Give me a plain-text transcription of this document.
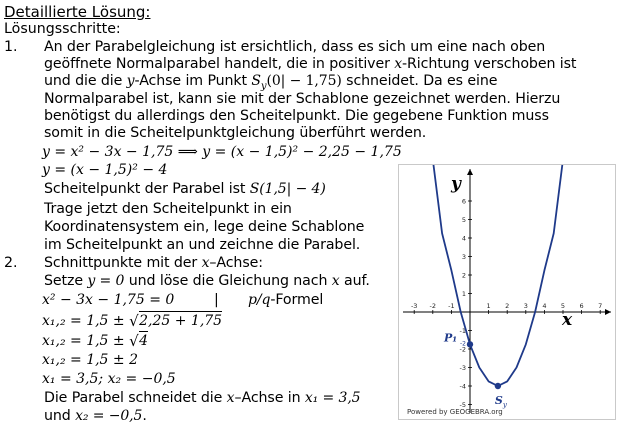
Detaillierte Lösung:
Lösungsschritte:
1. An der Parabelgleichung ist ersichtlich, dass es sich um eine nach oben
geöffnete Normalparabel handelt, die in positiver x-Richtung verschoben ist
und die die y-Achse im Punkt $S_y(0| - 1,75)$ schneidet. Da es eine
Normalparabel ist, kann sie mit der Schablone gezeichnet werden. Hierzu
benötigst du allerdings den Scheitelpunkt. Die gegebene Funktion muss
somit in die Scheitelpunktgleichung überführt werden.
y = x² − 3x − 1,75 ⟹ y = (x − 1,5)² − 2,25 − 1,75
y = (x − 1,5)² − 4
Scheitelpunkt der Parabel ist S(1,5| − 4)
Trage jetzt den Scheitelpunkt in ein
Koordinatensystem ein, lege deine Schablone
im Scheitelpunkt an und zeichne die Parabel.
2. Schnittpunkte mit der x–Achse:
Setze y = 0 und löse die Gleichung nach x auf.
x² − 3x − 1,75 = 0	| p/q-Formel
x₁,₂ = 1,5 ± √ 2,25 + 1,75
x₁,₂ = 1,5 ± √ 4
x₁,₂ = 1,5 ± 2
x₁ = 3,5; x₂ = −0,5
Die Parabel schneidet die x–Achse in x₁ = 3,5
und x₂ = −0,5.
-3 -2 -1	1 2 3 4 5 6 7
-5
-4
-3
-2
-1
1
2
3
4
5
6
x
y
P₁ -2
S y
Powered by GEOGEBRA.org
